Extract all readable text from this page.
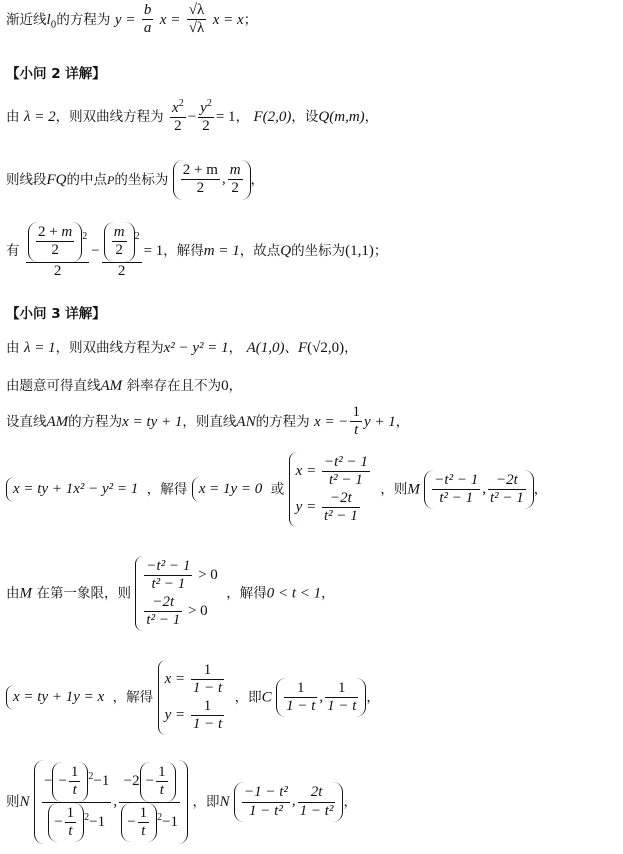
渐近线$l_0$的方程为 $y = \frac{b}{a}$ $x = \frac{√\lambda}{√\lambda}$ x = x；
【小问 2 详解】
由 λ = 2，则双曲线方程为 $\frac{x^2}{2} - \frac{y^2}{2} = 1$， F(2,0)，设Q(m,m)，
则线段FQ的中点P的坐标为 $\frac{2 + m}{2}$ , $\frac{m}{2}$ ，
有 $\frac{\frac{2 + m}{2} ^2}{2} - \frac{\frac{m}{2} ^2}{2} = 1$，解得m = 1，故点Q的坐标为(1,1)；
【小问 3 详解】
由 λ = 1，则双曲线方程为x² − y² = 1， A(1,0)、F(√2,0)，
由题意可得直线AM 斜率存在且不为0，
设直线AM的方程为x = ty + 1，则直线AN的方程为 x = − $\frac{1}{t}$ y + 1，
x = ty + 1x² − y² = 1 ，解得 x = 1y = 0 或
$x = \frac{\text{−t² − 1}}{\text{t² − 1}}$
$y = \frac{-2t}{\text{t² − 1}}$ ，则M $\frac{\text{−t² − 1}}{\text{t² − 1}}$ , $\frac{-2t}{\text{t² − 1}}$ ，
由M 在第一象限，则 $\frac{\text{−t² − 1}}{\text{t² − 1}} > 0$
$\frac{-2t}{\text{t² − 1}} > 0$
，解得0 < t < 1，
x = ty + 1y = x ，解得
$x = \frac{1}{1 - t}$
$y = \frac{1}{1 - t}$ ，即C $\frac{1}{1 - t}$ , $\frac{1}{1 - t}$ ，
则N $\frac{- - \frac{1}{t} ^2-1}{- \frac{1}{t} ^2-1}$ , $\frac{-2 - \frac{1}{t}}{- \frac{1}{t} ^2-1}$ ，即N $\frac{\text{−1 − t²}}{\text{1 − t²}}$ , $\frac{2t}{\text{1 − t²}}$ ，
